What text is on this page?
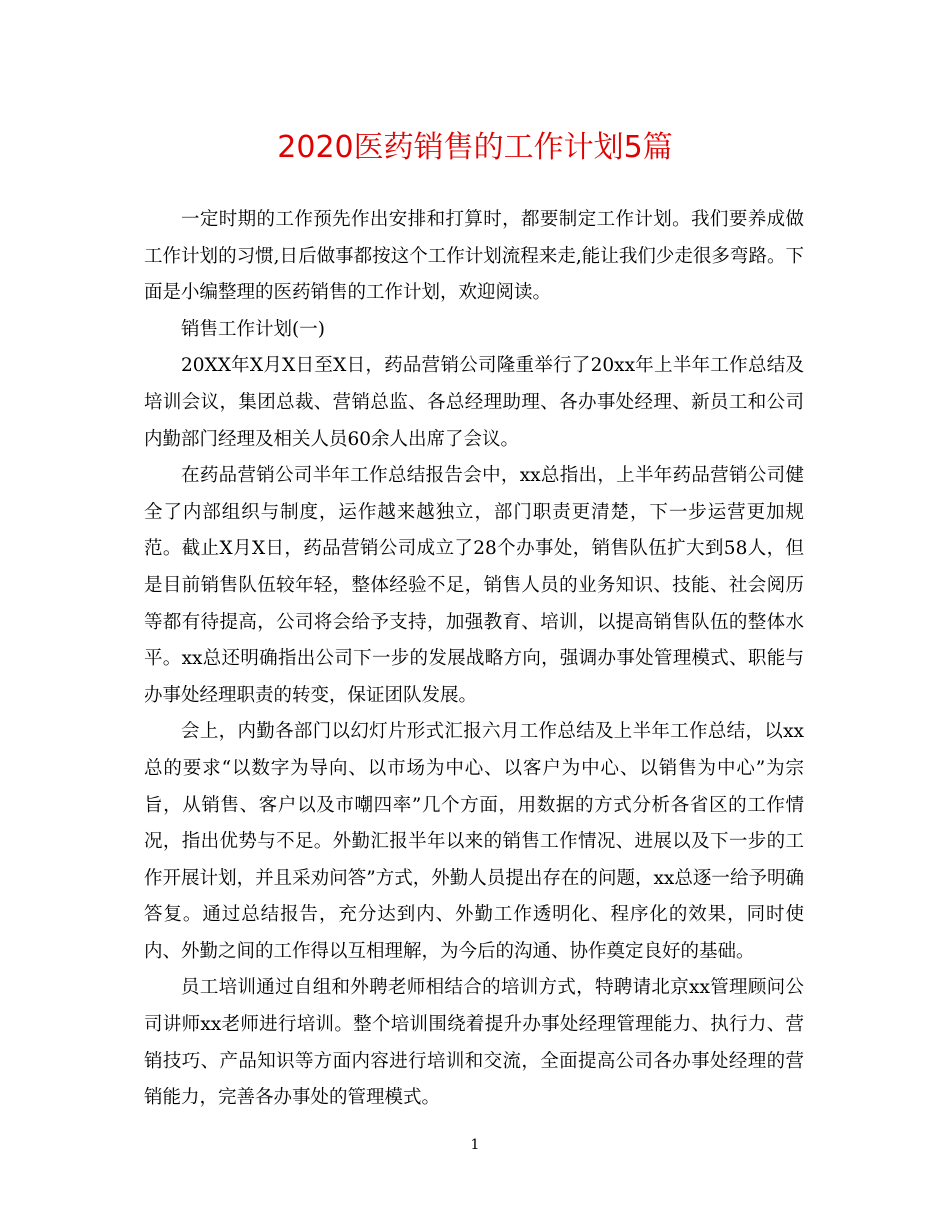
2020医药销售的工作计划5篇

一定时期的工作预先作出安排和打算时，都要制定工作计划。我们要养成做工作计划的习惯,日后做事都按这个工作计划流程来走,能让我们少走很多弯路。下面是小编整理的医药销售的工作计划，欢迎阅读。

销售工作计划(一)

20XX年X月X日至X日，药品营销公司隆重举行了20xx年上半年工作总结及培训会议，集团总裁、营销总监、各总经理助理、各办事处经理、新员工和公司内勤部门经理及相关人员60余人出席了会议。

在药品营销公司半年工作总结报告会中，xx总指出，上半年药品营销公司健全了内部组织与制度，运作越来越独立，部门职责更清楚，下一步运营更加规范。截止X月X日，药品营销公司成立了28个办事处，销售队伍扩大到58人，但是目前销售队伍较年轻，整体经验不足，销售人员的业务知识、技能、社会阅历等都有待提高，公司将会给予支持，加强教育、培训，以提高销售队伍的整体水平。xx总还明确指出公司下一步的发展战略方向，强调办事处管理模式、职能与办事处经理职责的转变，保证团队发展。

会上，内勤各部门以幻灯片形式汇报六月工作总结及上半年工作总结，以xx总的要求“以数字为导向、以市场为中心、以客户为中心、以销售为中心”为宗旨，从销售、客户以及市嘲四率”几个方面，用数据的方式分析各省区的工作情况，指出优势与不足。外勤汇报半年以来的销售工作情况、进展以及下一步的工作开展计划，并且采劝问答”方式，外勤人员提出存在的问题，xx总逐一给予明确答复。通过总结报告，充分达到内、外勤工作透明化、程序化的效果，同时使内、外勤之间的工作得以互相理解，为今后的沟通、协作奠定良好的基础。

员工培训通过自组和外聘老师相结合的培训方式，特聘请北京xx管理顾问公司讲师xx老师进行培训。整个培训围绕着提升办事处经理管理能力、执行力、营销技巧、产品知识等方面内容进行培训和交流，全面提高公司各办事处经理的营销能力，完善各办事处的管理模式。

1
